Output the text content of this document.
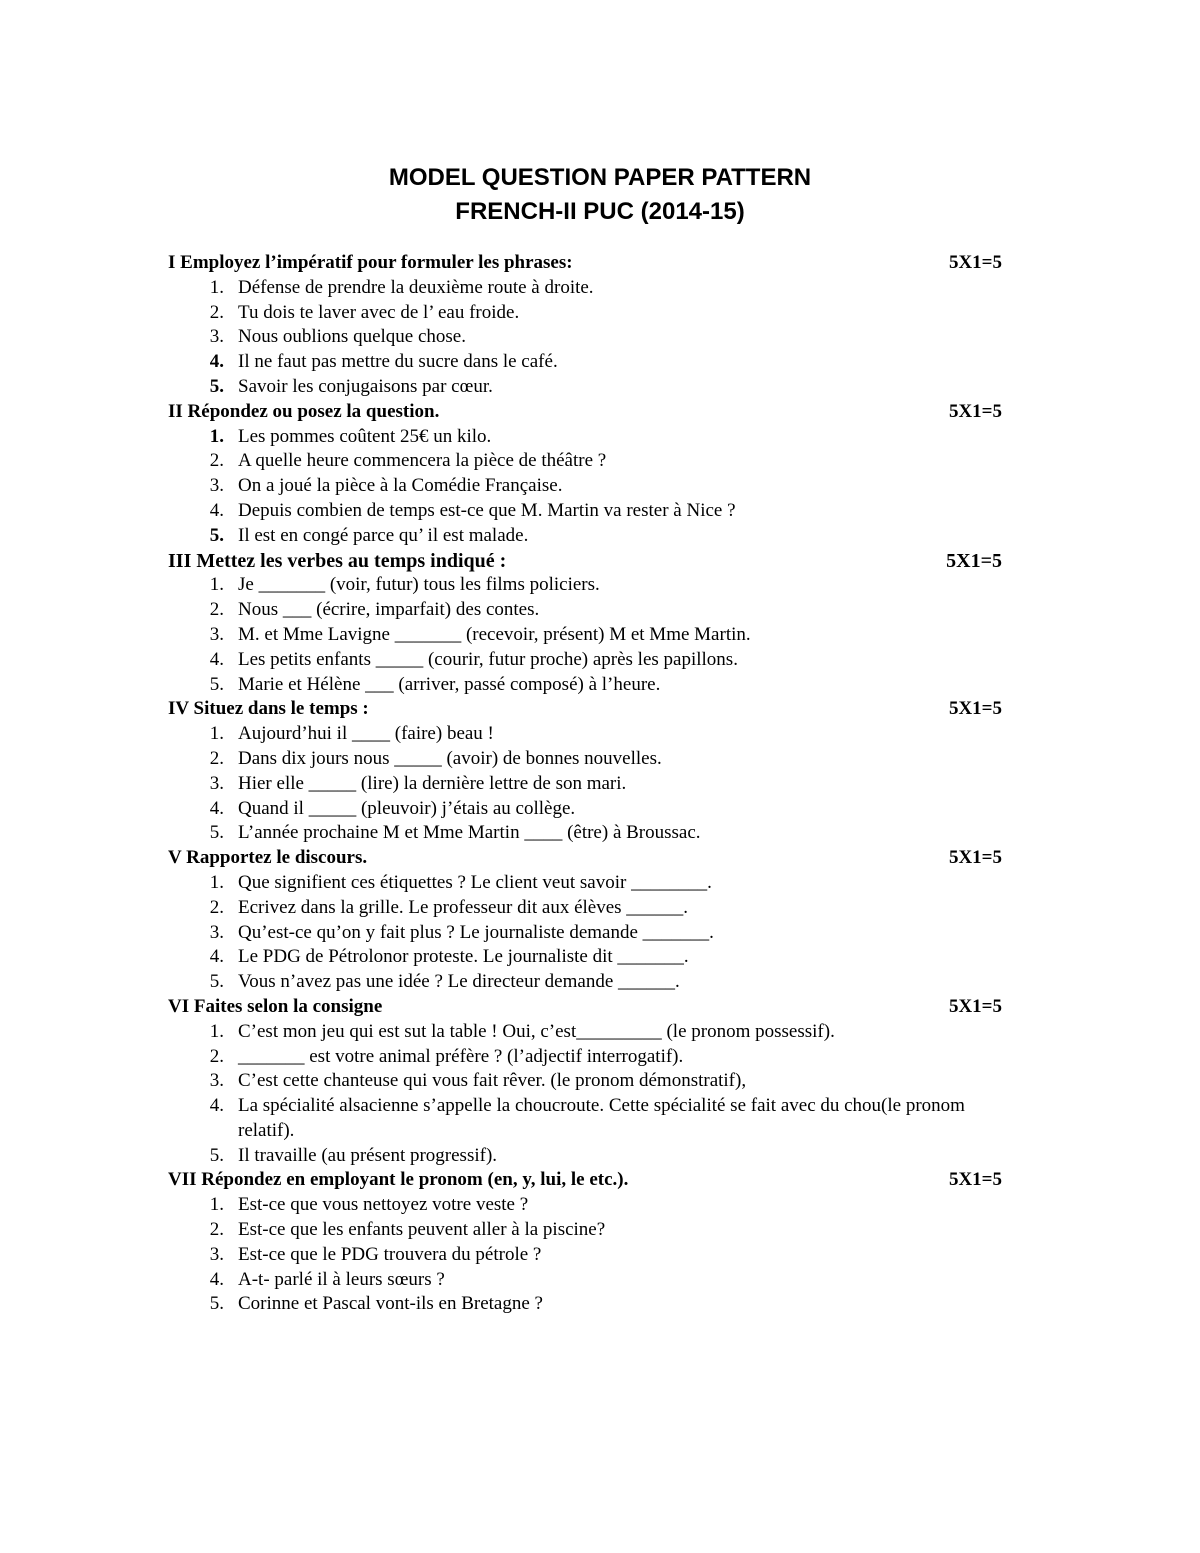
MODEL QUESTION PAPER PATTERN
FRENCH-II PUC (2014-15)
I Employez l’impératif pour formuler les phrases:	5X1=5
1. Défense de prendre la deuxième route à droite.
2. Tu dois te laver avec de l’ eau froide.
3. Nous oublions quelque chose.
4. Il ne faut pas mettre du sucre dans le café.
5. Savoir les conjugaisons par cœur.
II Répondez ou posez la question.	5X1=5
1. Les pommes coûtent 25€ un kilo.
2. A quelle heure commencera la pièce de théâtre ?
3. On a joué la pièce à la Comédie Française.
4. Depuis combien de temps est-ce que M. Martin va rester à Nice ?
5. Il est en congé parce qu’ il est malade.
III Mettez les verbes au temps indiqué :	5X1=5
1. Je _______ (voir, futur) tous les films policiers.
2. Nous ___ (écrire, imparfait) des contes.
3. M. et Mme Lavigne _______ (recevoir, présent) M et Mme Martin.
4. Les petits enfants _____ (courir, futur proche) après les papillons.
5. Marie et Hélène ___ (arriver, passé composé) à l’heure.
IV Situez dans le temps :	5X1=5
1. Aujourd’hui il ____ (faire) beau !
2. Dans dix jours nous _____ (avoir) de bonnes nouvelles.
3. Hier elle _____ (lire) la dernière lettre de son mari.
4. Quand il _____ (pleuvoir) j’étais au collège.
5. L’année prochaine M et Mme Martin ____ (être) à Broussac.
V Rapportez le discours.	5X1=5
1. Que signifient ces étiquettes ? Le client veut savoir ________.
2. Ecrivez dans la grille. Le professeur dit aux élèves ______.
3. Qu’est-ce qu’on y fait plus ? Le journaliste demande _______.
4. Le PDG de Pétrolonor proteste. Le journaliste dit _______.
5. Vous n’avez pas une idée ? Le directeur demande ______.
VI Faites selon la consigne	5X1=5
1. C’est mon jeu qui est sut la table ! Oui, c’est_________ (le pronom possessif).
2. _______ est votre animal préfère ? (l’adjectif interrogatif).
3. C’est cette chanteuse qui vous fait rêver. (le pronom démonstratif),
4. La spécialité alsacienne s’appelle la choucroute. Cette spécialité se fait avec du chou(le pronom relatif).
5. Il travaille (au présent progressif).
VII Répondez en employant le pronom (en, y, lui, le etc.).	5X1=5
1. Est-ce que vous nettoyez votre veste ?
2. Est-ce que les enfants peuvent aller à la piscine?
3. Est-ce que le PDG trouvera du pétrole ?
4. A-t- parlé il à leurs sœurs ?
5. Corinne et Pascal vont-ils en Bretagne ?
